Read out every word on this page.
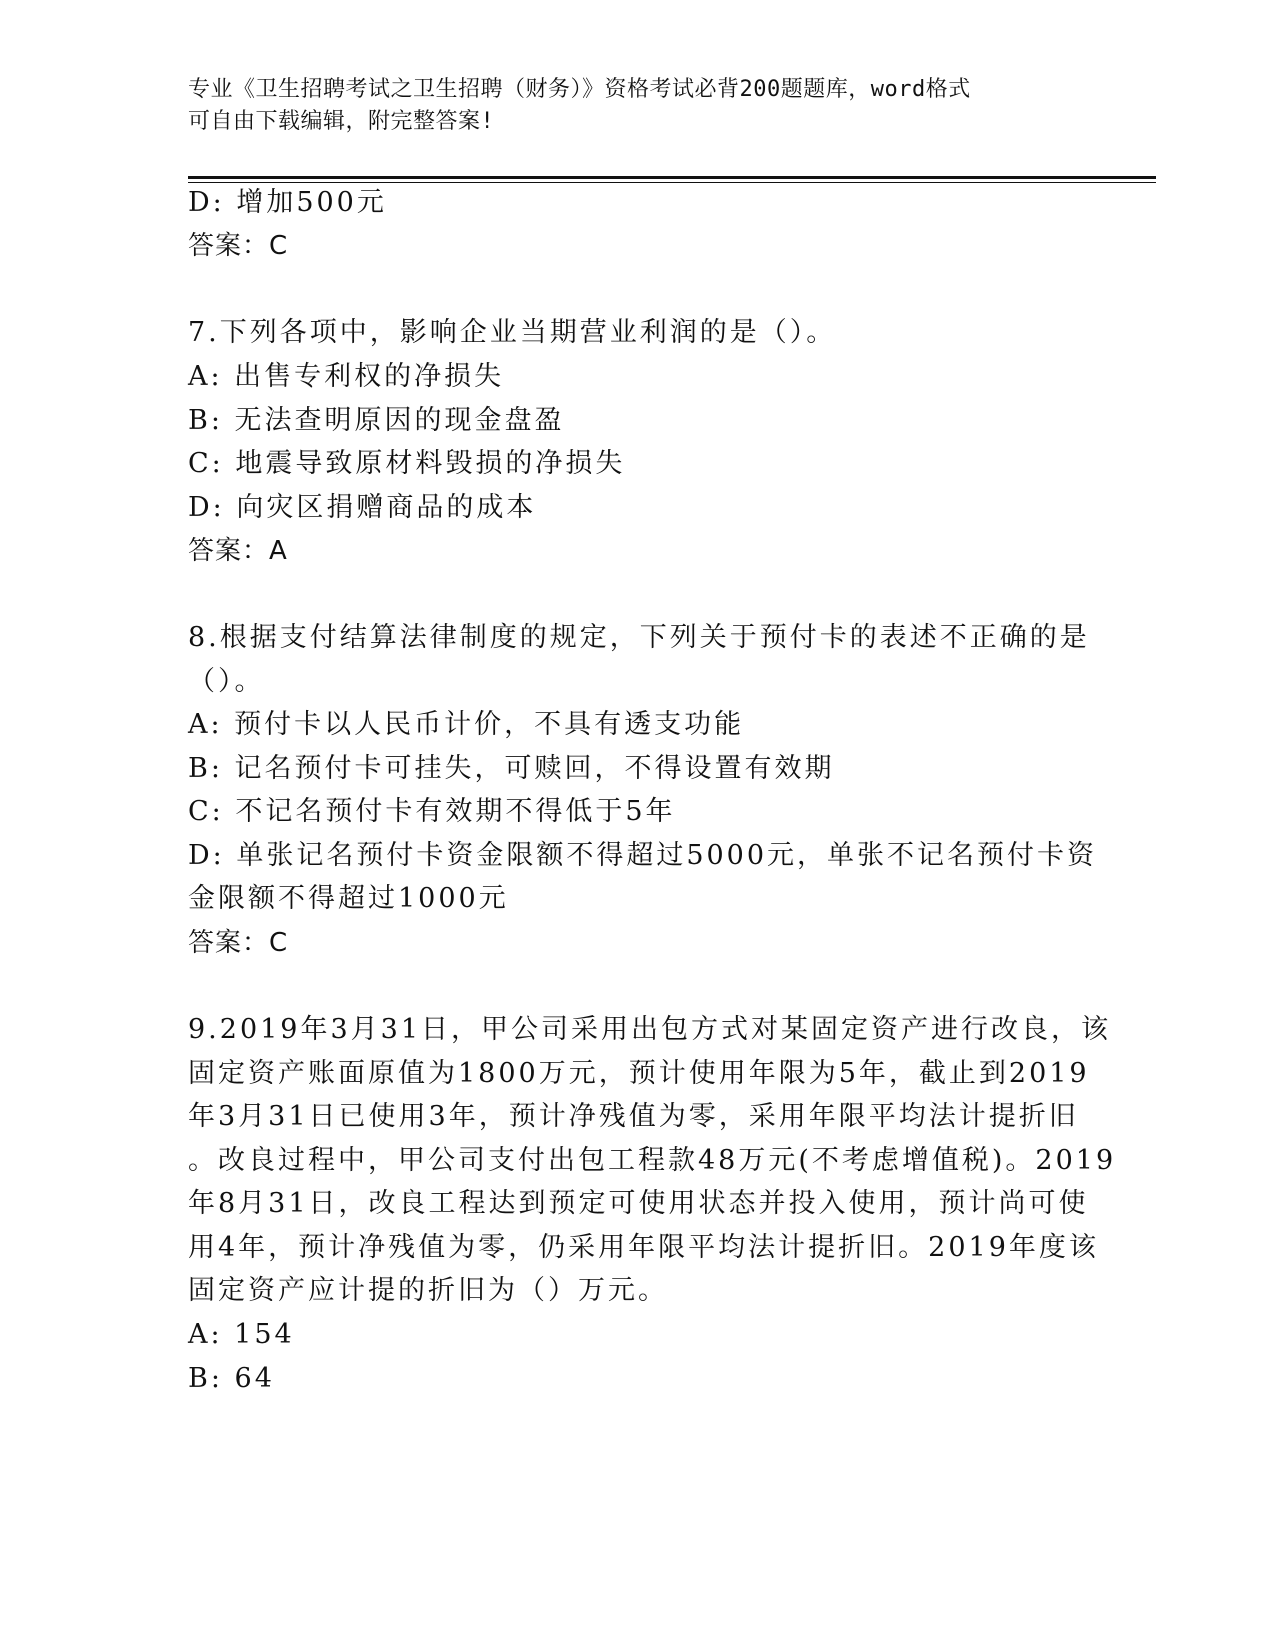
专业《卫生招聘考试之卫生招聘（财务）》资格考试必背200题题库，word格式
可自由下载编辑，附完整答案!
D: 增加500元
答案：C
7.下列各项中，影响企业当期营业利润的是（）。
A: 出售专利权的净损失
B: 无法查明原因的现金盘盈
C: 地震导致原材料毁损的净损失
D: 向灾区捐赠商品的成本
答案：A
8.根据支付结算法律制度的规定，下列关于预付卡的表述不正确的是
（）。
A: 预付卡以人民币计价，不具有透支功能
B: 记名预付卡可挂失，可赎回，不得设置有效期
C: 不记名预付卡有效期不得低于5年
D: 单张记名预付卡资金限额不得超过5000元，单张不记名预付卡资
金限额不得超过1000元
答案：C
9.2019年3月31日，甲公司采用出包方式对某固定资产进行改良，该
固定资产账面原值为1800万元，预计使用年限为5年，截止到2019
年3月31日已使用3年，预计净残值为零，采用年限平均法计提折旧
。改良过程中，甲公司支付出包工程款48万元(不考虑增值税)。2019
年8月31日，改良工程达到预定可使用状态并投入使用，预计尚可使
用4年，预计净残值为零，仍采用年限平均法计提折旧。2019年度该
固定资产应计提的折旧为（）万元。
A: 154
B: 64
